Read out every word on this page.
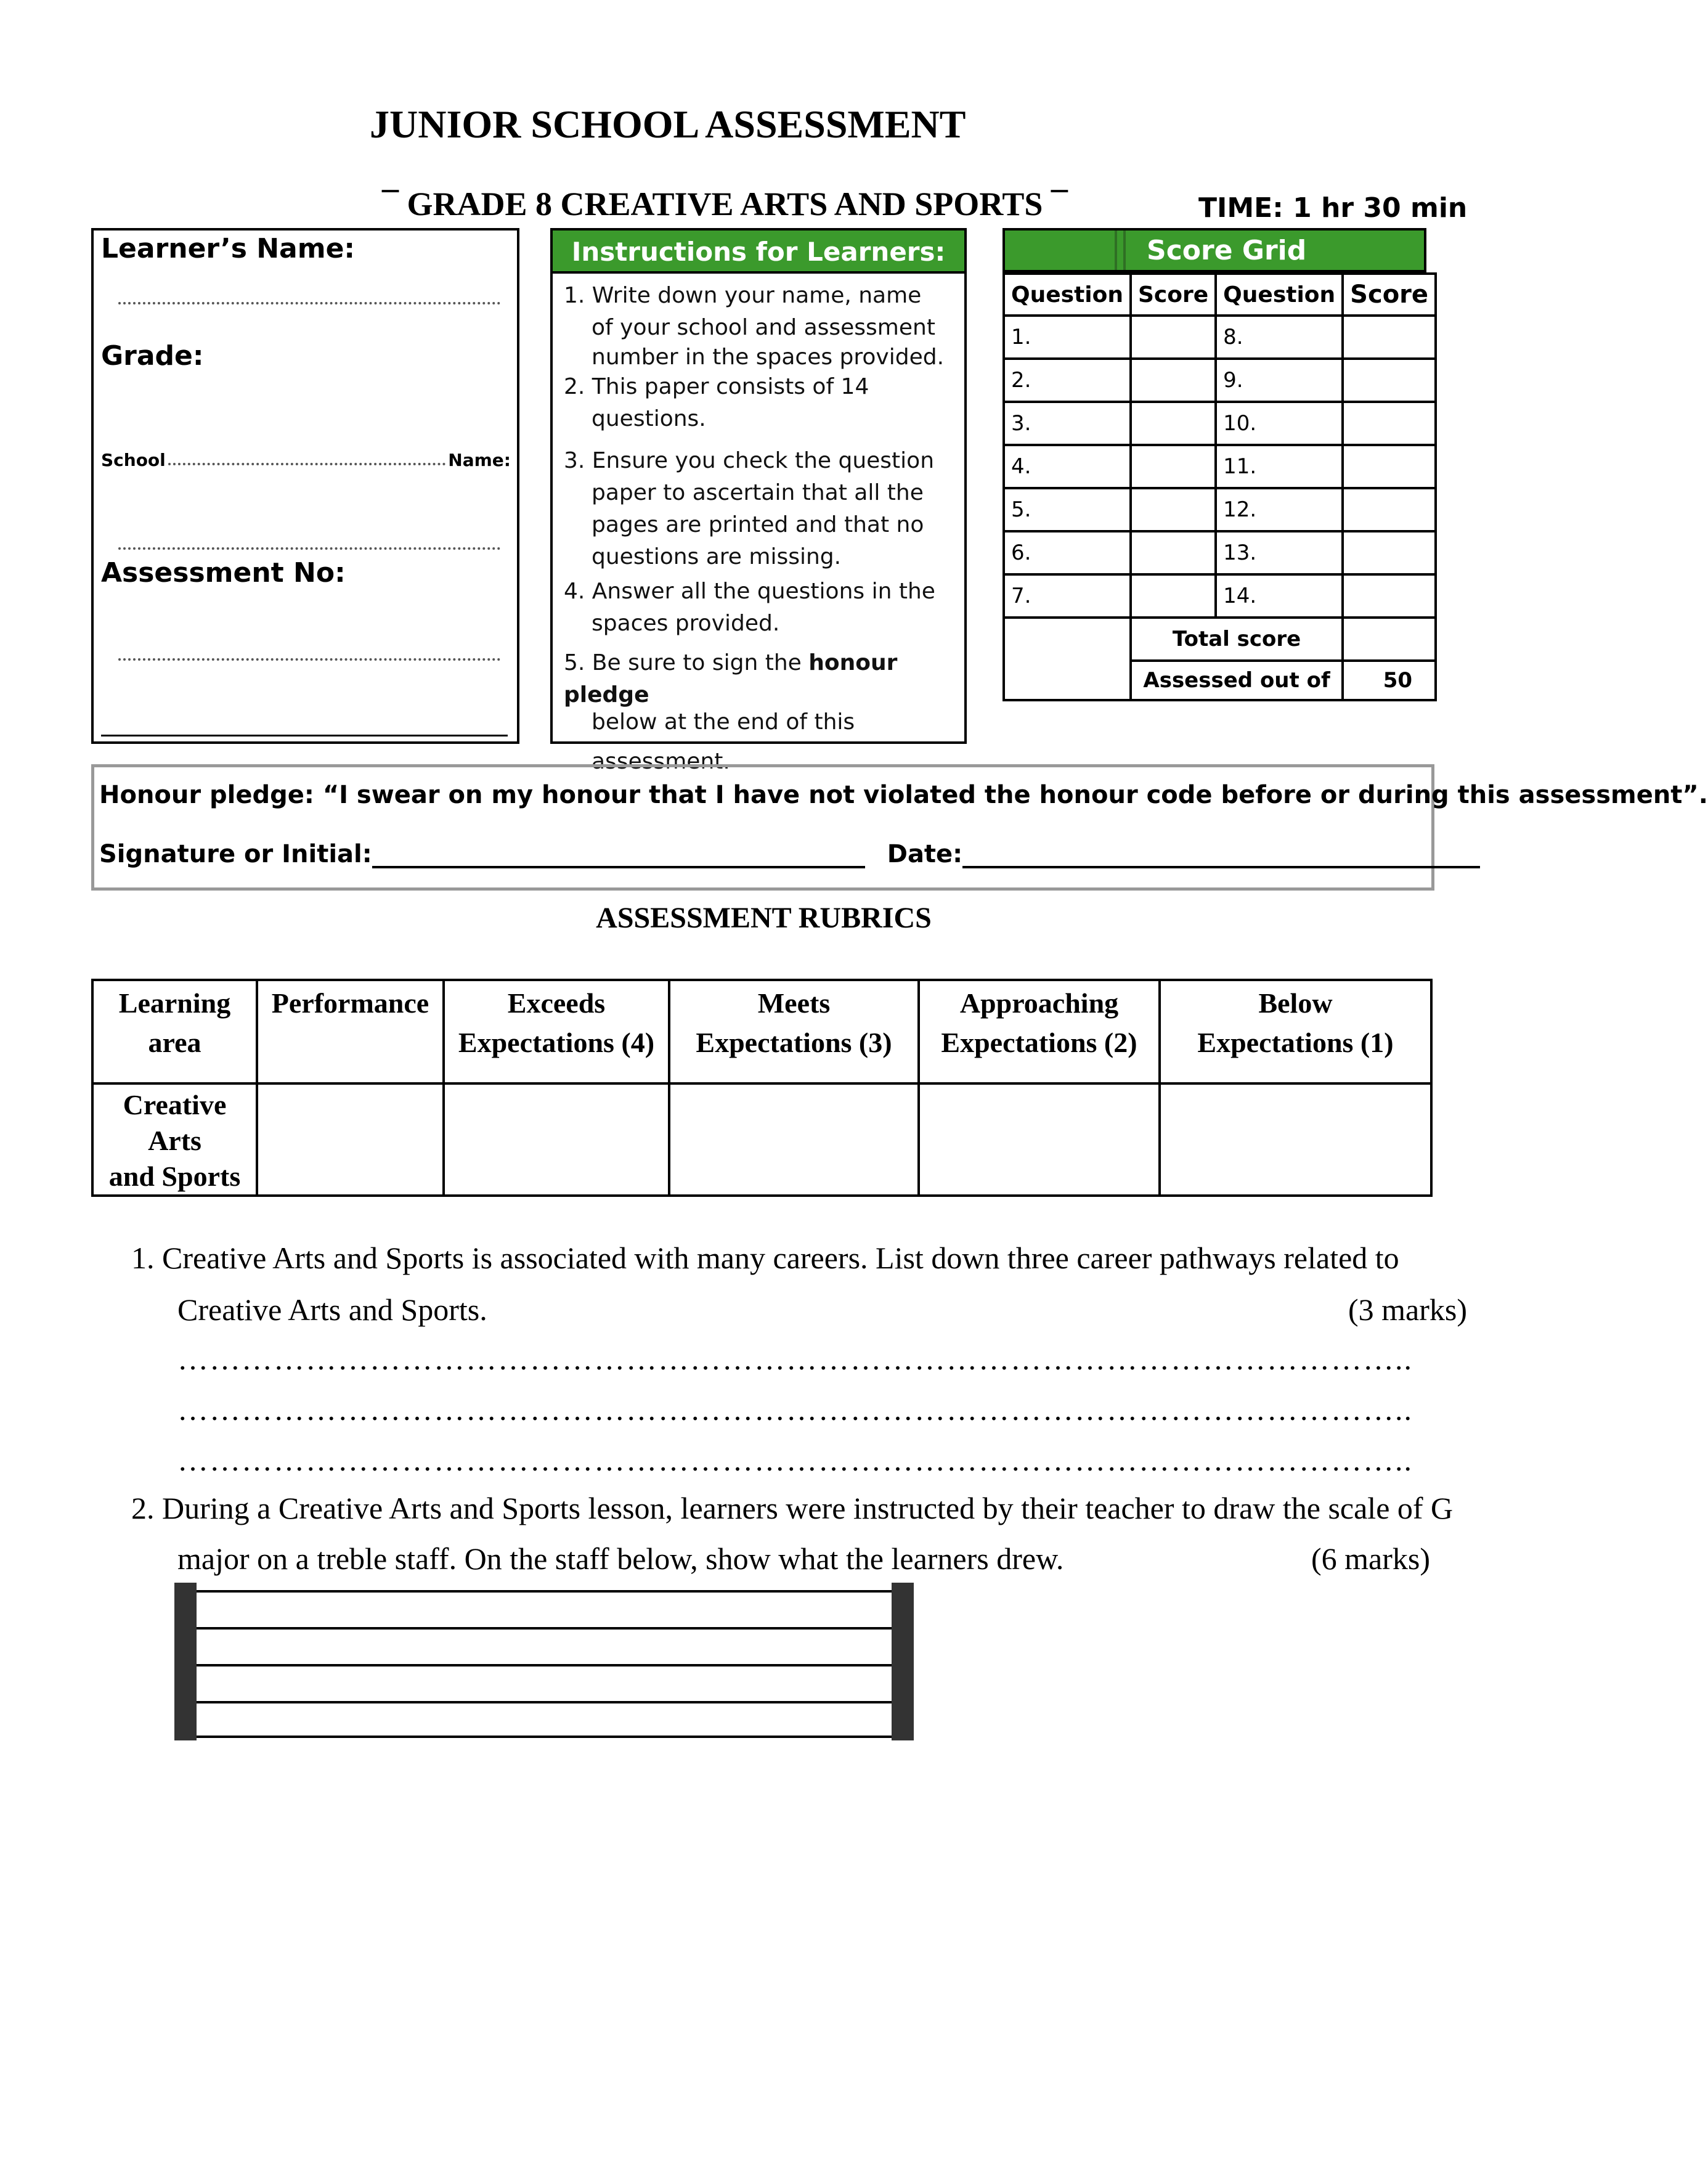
JUNIOR SCHOOL ASSESSMENT
¯ GRADE 8 CREATIVE ARTS AND SPORTS ¯	TIME: 1 hr 30 min
Learner’s Name:
Grade:
School	Name:
Assessment No:
Instructions for Learners:
1. Write down your name, name
of your school and assessment
number in the spaces provided.
2. This paper consists of 14
questions.
3. Ensure you check the question
paper to ascertain that all the
pages are printed and that no
questions are missing.
4. Answer all the questions in the
spaces provided.
5. Be sure to sign the honour pledge
below at the end of this
assessment.
Score Grid
Question	Score	Question	Score
1.		8.	
2.		9.	
3.		10.	
4.		11.	
5.		12.	
6.		13.	
7.		14.	
	Total score		
	Assessed out of		50
Honour pledge: “I swear on my honour that I have not violated the honour code before or during this assessment”.
Signature or Initial:	Date:
ASSESSMENT RUBRICS
Learning
area	Performance	Exceeds
Expectations (4)	Meets
Expectations (3)	Approaching
Expectations (2)	Below
Expectations (1)
Creative
Arts
and Sports					
1. Creative Arts and Sports is associated with many careers. List down three career pathways related to
Creative Arts and Sports.	(3 marks)
……………………………………………………………………………………………………..
……………………………………………………………………………………………………..
……………………………………………………………………………………………………..
2. During a Creative Arts and Sports lesson, learners were instructed by their teacher to draw the scale of G
major on a treble staff. On the staff below, show what the learners drew.	(6 marks)
